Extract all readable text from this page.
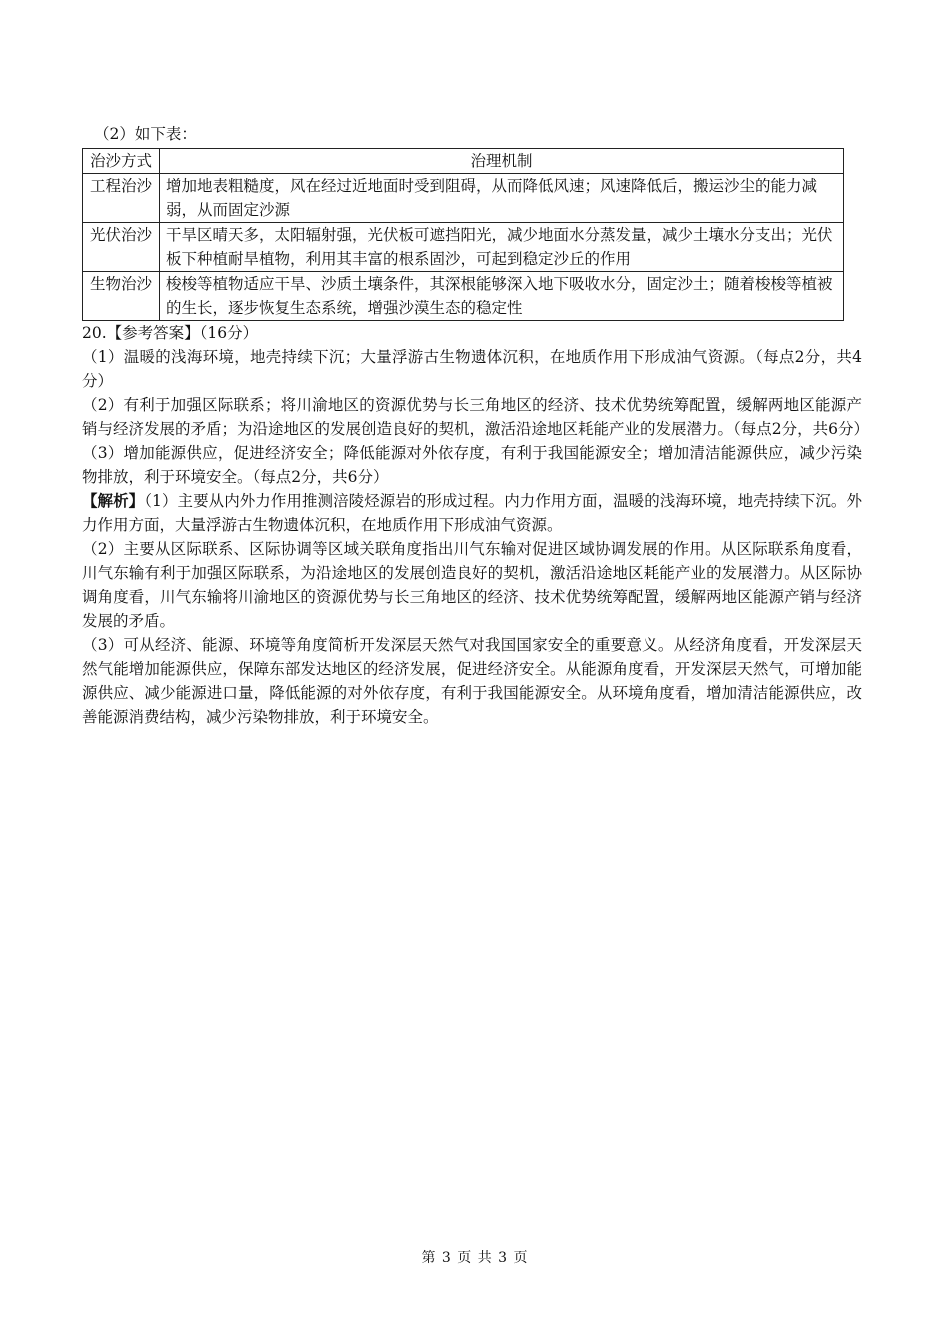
（2）如下表：
治沙方式	治理机制
工程治沙	增加地表粗糙度，风在经过近地面时受到阻碍，从而降低风速；风速降低后，搬运沙尘的能力减弱，从而固定沙源
光伏治沙	干旱区晴天多，太阳辐射强，光伏板可遮挡阳光，减少地面水分蒸发量，减少土壤水分支出；光伏板下种植耐旱植物，利用其丰富的根系固沙，可起到稳定沙丘的作用
生物治沙	梭梭等植物适应干旱、沙质土壤条件，其深根能够深入地下吸收水分，固定沙土；随着梭梭等植被的生长，逐步恢复生态系统，增强沙漠生态的稳定性

20.【参考答案】（16分）

（1）温暖的浅海环境，地壳持续下沉；大量浮游古生物遗体沉积，在地质作用下形成油气资源。（每点2分，共4分）

（2）有利于加强区际联系；将川渝地区的资源优势与长三角地区的经济、技术优势统筹配置，缓解两地区能源产销与经济发展的矛盾；为沿途地区的发展创造良好的契机，激活沿途地区耗能产业的发展潜力。（每点2分，共6分）

（3）增加能源供应，促进经济安全；降低能源对外依存度，有利于我国能源安全；增加清洁能源供应，减少污染物排放，利于环境安全。（每点2分，共6分）

【解析】（1）主要从内外力作用推测涪陵烃源岩的形成过程。内力作用方面，温暖的浅海环境，地壳持续下沉。外力作用方面，大量浮游古生物遗体沉积，在地质作用下形成油气资源。

（2）主要从区际联系、区际协调等区域关联角度指出川气东输对促进区域协调发展的作用。从区际联系角度看，川气东输有利于加强区际联系，为沿途地区的发展创造良好的契机，激活沿途地区耗能产业的发展潜力。从区际协调角度看，川气东输将川渝地区的资源优势与长三角地区的经济、技术优势统筹配置，缓解两地区能源产销与经济发展的矛盾。

（3）可从经济、能源、环境等角度简析开发深层天然气对我国国家安全的重要意义。从经济角度看，开发深层天然气能增加能源供应，保障东部发达地区的经济发展，促进经济安全。从能源角度看，开发深层天然气，可增加能源供应、减少能源进口量，降低能源的对外依存度，有利于我国能源安全。从环境角度看，增加清洁能源供应，改善能源消费结构，减少污染物排放，利于环境安全。

第 3 页 共 3 页
